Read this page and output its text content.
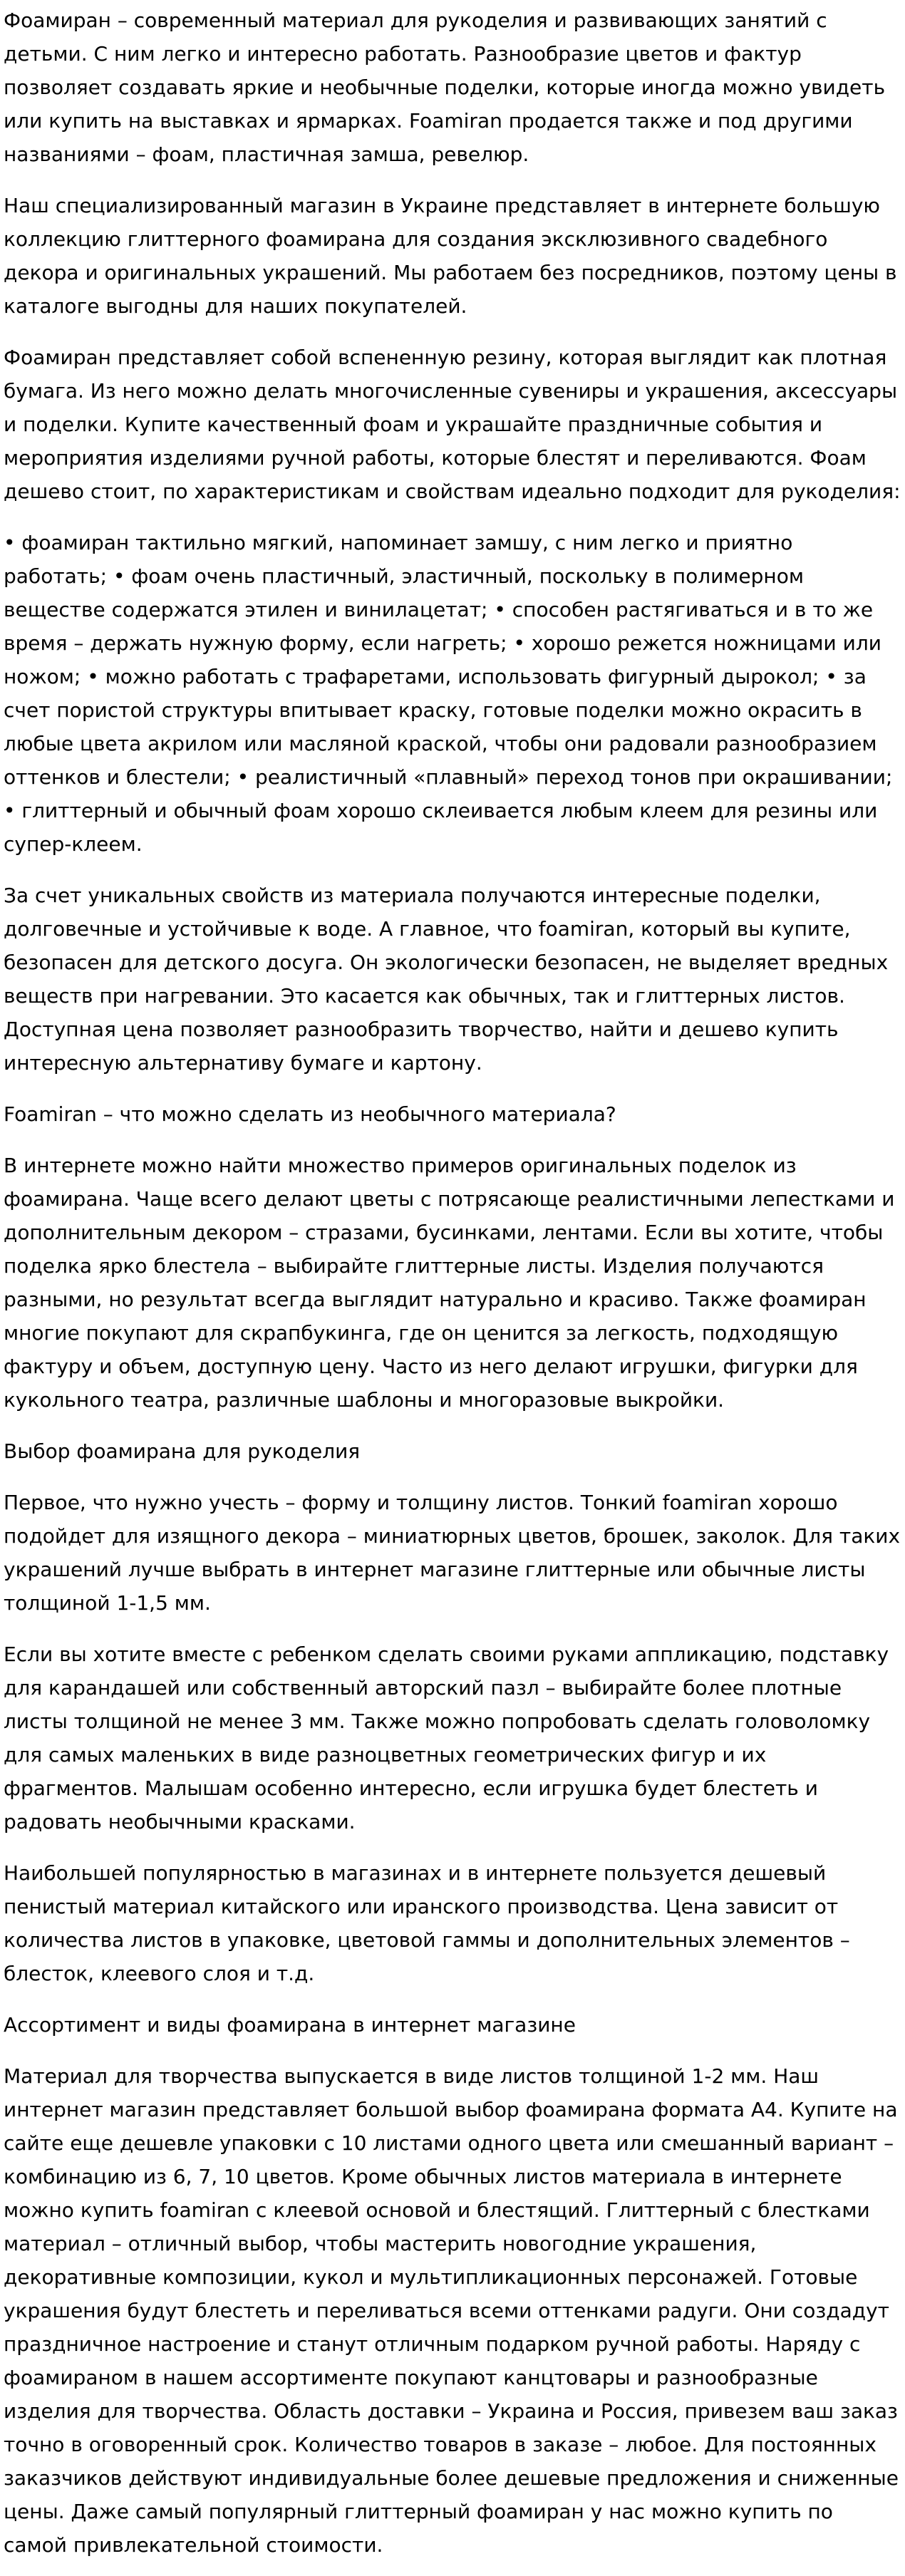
Фоамиран – современный материал для рукоделия и развивающих занятий с детьми. С ним легко и интересно работать. Разнообразие цветов и фактур позволяет создавать яркие и необычные поделки, которые иногда можно увидеть или купить на выставках и ярмарках. Foamiran продается также и под другими названиями – фоам, пластичная замша, ревелюр.

Наш специализированный магазин в Украине представляет в интернете большую коллекцию глиттерного фоамирана для создания эксклюзивного свадебного декора и оригинальных украшений. Мы работаем без посредников, поэтому цены в каталоге выгодны для наших покупателей.

Фоамиран представляет собой вспененную резину, которая выглядит как плотная бумага. Из него можно делать многочисленные сувениры и украшения, аксессуары и поделки. Купите качественный фоам и украшайте праздничные события и мероприятия изделиями ручной работы, которые блестят и переливаются. Фоам дешево стоит, по характеристикам и свойствам идеально подходит для рукоделия:

• фоамиран тактильно мягкий, напоминает замшу, с ним легко и приятно работать; • фоам очень пластичный, эластичный, поскольку в полимерном веществе содержатся этилен и винилацетат; • способен растягиваться и в то же время – держать нужную форму, если нагреть; • хорошо режется ножницами или ножом; • можно работать с трафаретами, использовать фигурный дырокол; • за счет пористой структуры впитывает краску, готовые поделки можно окрасить в любые цвета акрилом или масляной краской, чтобы они радовали разнообразием оттенков и блестели; • реалистичный «плавный» переход тонов при окрашивании; • глиттерный и обычный фоам хорошо склеивается любым клеем для резины или супер-клеем.

За счет уникальных свойств из материала получаются интересные поделки, долговечные и устойчивые к воде. А главное, что foamiran, который вы купите, безопасен для детского досуга. Он экологически безопасен, не выделяет вредных веществ при нагревании. Это касается как обычных, так и глиттерных листов. Доступная цена позволяет разнообразить творчество, найти и дешево купить интересную альтернативу бумаге и картону.

Foamiran – что можно сделать из необычного материала?

В интернете можно найти множество примеров оригинальных поделок из фоамирана. Чаще всего делают цветы с потрясающе реалистичными лепестками и дополнительным декором – стразами, бусинками, лентами. Если вы хотите, чтобы поделка ярко блестела – выбирайте глиттерные листы. Изделия получаются разными, но результат всегда выглядит натурально и красиво. Также фоамиран многие покупают для скрапбукинга, где он ценится за легкость, подходящую фактуру и объем, доступную цену. Часто из него делают игрушки, фигурки для кукольного театра, различные шаблоны и многоразовые выкройки.

Выбор фоамирана для рукоделия

Первое, что нужно учесть – форму и толщину листов. Тонкий foamiran хорошо подойдет для изящного декора – миниатюрных цветов, брошек, заколок. Для таких украшений лучше выбрать в интернет магазине глиттерные или обычные листы толщиной 1-1,5 мм.

Если вы хотите вместе с ребенком сделать своими руками аппликацию, подставку для карандашей или собственный авторский пазл – выбирайте более плотные листы толщиной не менее 3 мм. Также можно попробовать сделать головоломку для самых маленьких в виде разноцветных геометрических фигур и их фрагментов. Малышам особенно интересно, если игрушка будет блестеть и радовать необычными красками.

Наибольшей популярностью в магазинах и в интернете пользуется дешевый пенистый материал китайского или иранского производства. Цена зависит от количества листов в упаковке, цветовой гаммы и дополнительных элементов – блесток, клеевого слоя и т.д.

Ассортимент и виды фоамирана в интернет магазине

Материал для творчества выпускается в виде листов толщиной 1-2 мм. Наш интернет магазин представляет большой выбор фоамирана формата А4. Купите на сайте еще дешевле упаковки с 10 листами одного цвета или смешанный вариант – комбинацию из 6, 7, 10 цветов. Кроме обычных листов материала в интернете можно купить foamiran с клеевой основой и блестящий. Глиттерный с блестками материал – отличный выбор, чтобы мастерить новогодние украшения, декоративные композиции, кукол и мультипликационных персонажей. Готовые украшения будут блестеть и переливаться всеми оттенками радуги. Они создадут праздничное настроение и станут отличным подарком ручной работы. Наряду с фоамираном в нашем ассортименте покупают канцтовары и разнообразные изделия для творчества. Область доставки – Украина и Россия, привезем ваш заказ точно в оговоренный срок. Количество товаров в заказе – любое. Для постоянных заказчиков действуют индивидуальные более дешевые предложения и сниженные цены. Даже самый популярный глиттерный фоамиран у нас можно купить по самой привлекательной стоимости.
